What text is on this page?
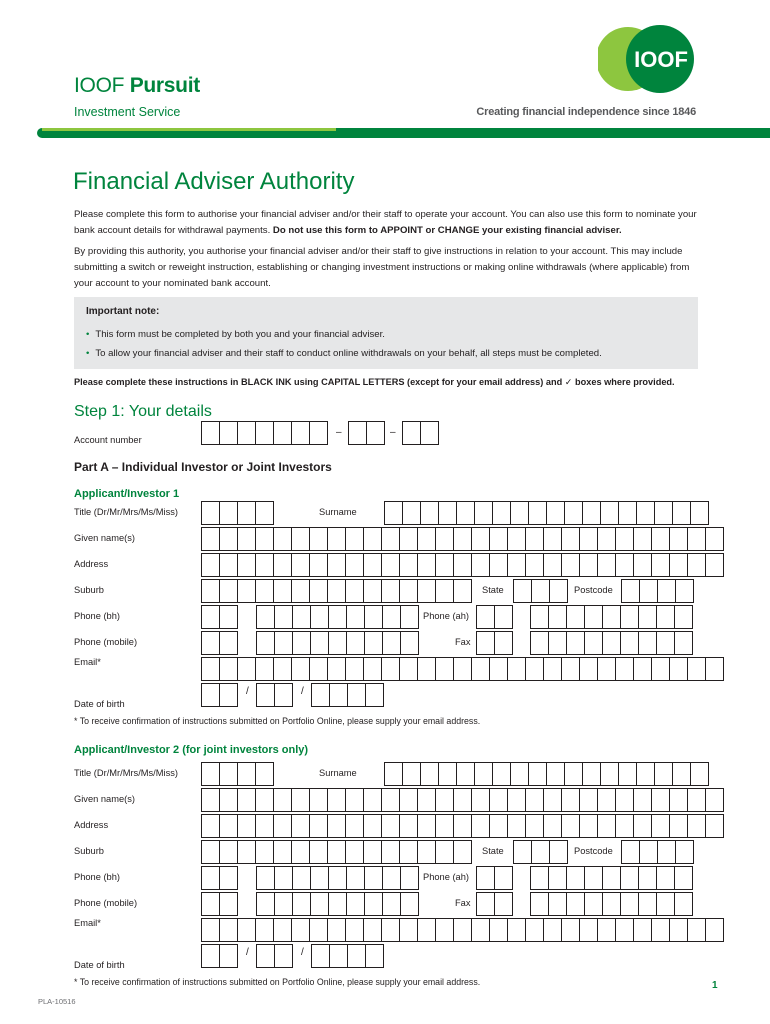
IOOF Pursuit
Investment Service	Creating financial independence since 1846
IOOF
Financial Adviser Authority
Please complete this form to authorise your financial adviser and/or their staff to operate your account. You can also use this form to nominate your bank account details for withdrawal payments. Do not use this form to APPOINT or CHANGE your existing financial adviser.
By providing this authority, you authorise your financial adviser and/or their staff to give instructions in relation to your account. This may include submitting a switch or reweight instruction, establishing or changing investment instructions or making online withdrawals (where applicable) from your account to your nominated bank account.
Important note:
• This form must be completed by both you and your financial adviser.
• To allow your financial adviser and their staff to conduct online withdrawals on your behalf, all steps must be completed.
Please complete these instructions in BLACK INK using CAPITAL LETTERS (except for your email address) and ✓ boxes where provided.
Step 1: Your details
Account number
–	–
Part A – Individual Investor or Joint Investors
Applicant/Investor 1
Applicant/Investor 2 (for joint investors only)
1
PLA-10516
Title (Dr/Mr/Mrs/Ms/Miss)	Surname
Given name(s)
Address
Suburb	State	Postcode
Phone (bh)	Phone (ah)
Phone (mobile)	Fax
Email*
Date of birth
/	/
* To receive confirmation of instructions submitted on Portfolio Online, please supply your email address.
Title (Dr/Mr/Mrs/Ms/Miss)	Surname
Given name(s)
Address
Suburb	State	Postcode
Phone (bh)	Phone (ah)
Phone (mobile)	Fax
Email*
Date of birth
/	/
* To receive confirmation of instructions submitted on Portfolio Online, please supply your email address.
